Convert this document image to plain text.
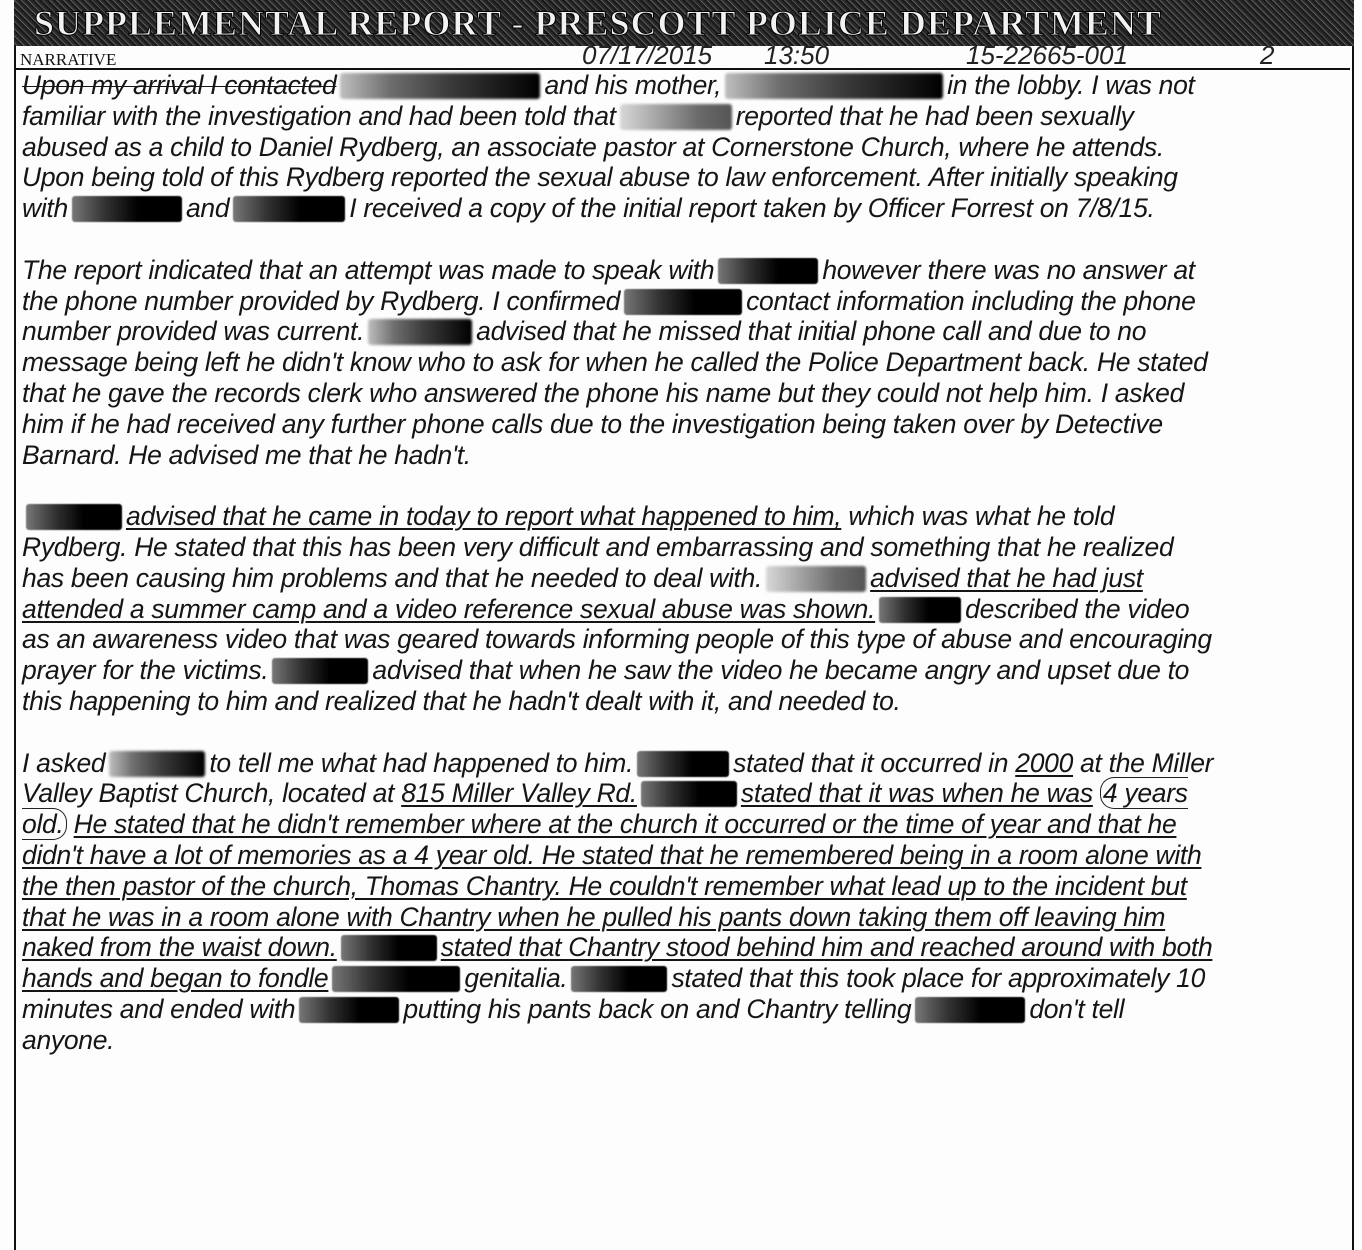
SUPPLEMENTAL REPORT - PRESCOTT POLICE DEPARTMENT
NARRATIVE	07/17/2015 13:50	15-22665-001	2

Upon my arrival I contacted	and his mother,	in the lobby. I was not familiar with the investigation and had been told that	reported that he had been sexually abused as a child to Daniel Rydberg, an associate pastor at Cornerstone Church, where he attends. Upon being told of this Rydberg reported the sexual abuse to law enforcement. After initially speaking with	and	I received a copy of the initial report taken by Officer Forrest on 7/8/15.

The report indicated that an attempt was made to speak with	however there was no answer at the phone number provided by Rydberg. I confirmed	contact information including the phone number provided was current.	advised that he missed that initial phone call and due to no message being left he didn't know who to ask for when he called the Police Department back. He stated that he gave the records clerk who answered the phone his name but they could not help him. I asked him if he had received any further phone calls due to the investigation being taken over by Detective Barnard. He advised me that he hadn't.

advised that he came in today to report what happened to him, which was what he told Rydberg. He stated that this has been very difficult and embarrassing and something that he realized has been causing him problems and that he needed to deal with.	advised that he had just attended a summer camp and a video reference sexual abuse was shown.	described the video as an awareness video that was geared towards informing people of this type of abuse and encouraging prayer for the victims.	advised that when he saw the video he became angry and upset due to this happening to him and realized that he hadn't dealt with it, and needed to.

I asked	to tell me what had happened to him.	stated that it occurred in 2000 at the Miller Valley Baptist Church, located at 815 Miller Valley Rd.	stated that it was when he was 4 years old. He stated that he didn't remember where at the church it occurred or the time of year and that he didn't have a lot of memories as a 4 year old. He stated that he remembered being in a room alone with the then pastor of the church, Thomas Chantry. He couldn't remember what lead up to the incident but that he was in a room alone with Chantry when he pulled his pants down taking them off leaving him naked from the waist down.	stated that Chantry stood behind him and reached around with both hands and began to fondle	genitalia.	stated that this took place for approximately 10 minutes and ended with	putting his pants back on and Chantry telling	don't tell anyone.
